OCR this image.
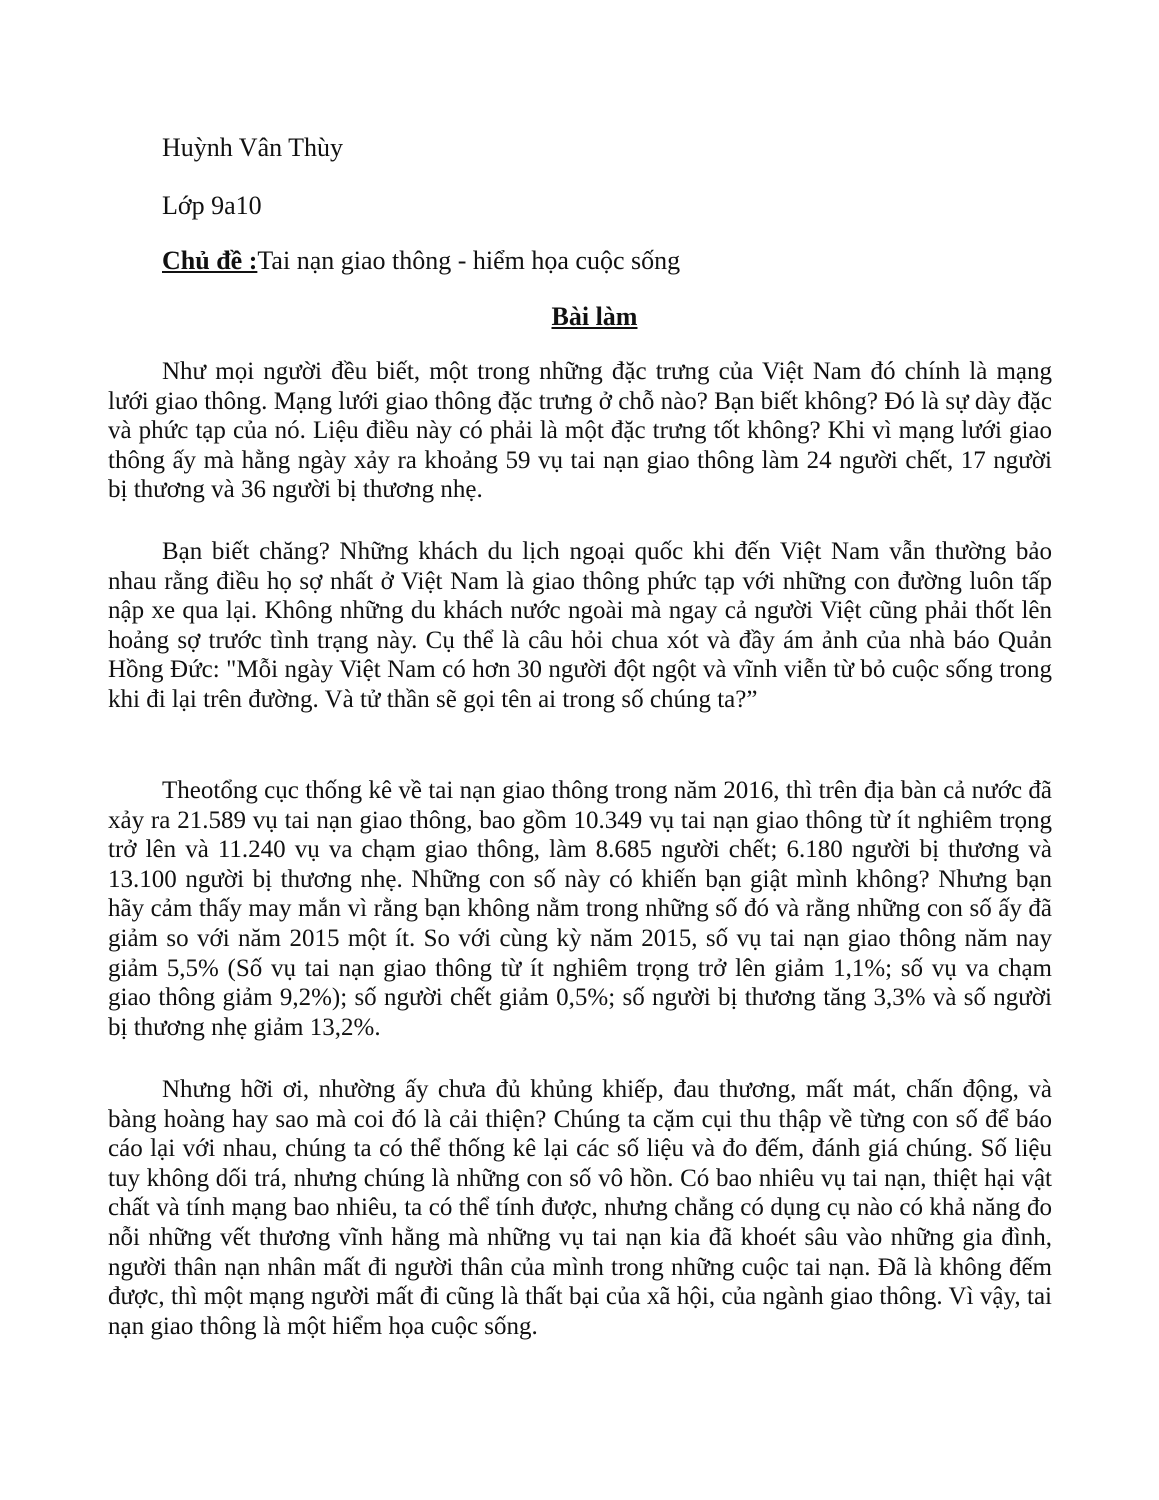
Huỳnh Vân Thùy
Lớp 9a10
Chủ đề :Tai nạn giao thông - hiểm họa cuộc sống
Bài làm

Như mọi người đều biết, một trong những đặc trưng của Việt Nam đó chính là mạng lưới giao thông. Mạng lưới giao thông đặc trưng ở chỗ nào? Bạn biết không? Đó là sự dày đặc và phức tạp của nó. Liệu điều này có phải là một đặc trưng tốt không? Khi vì mạng lưới giao thông ấy mà hằng ngày xảy ra khoảng 59 vụ tai nạn giao thông làm 24 người chết, 17 người bị thương và 36 người bị thương nhẹ.

Bạn biết chăng? Những khách du lịch ngoại quốc khi đến Việt Nam vẫn thường bảo nhau rằng điều họ sợ nhất ở Việt Nam là giao thông phức tạp với những con đường luôn tấp nập xe qua lại. Không những du khách nước ngoài mà ngay cả người Việt cũng phải thốt lên hoảng sợ trước tình trạng này. Cụ thể là câu hỏi chua xót và đầy ám ảnh của nhà báo Quản Hồng Đức: "Mỗi ngày Việt Nam có hơn 30 người đột ngột và vĩnh viễn từ bỏ cuộc sống trong khi đi lại trên đường. Và tử thần sẽ gọi tên ai trong số chúng ta?”

Theotổng cục thống kê về tai nạn giao thông trong năm 2016, thì trên địa bàn cả nước đã xảy ra 21.589 vụ tai nạn giao thông, bao gồm 10.349 vụ tai nạn giao thông từ ít nghiêm trọng trở lên và 11.240 vụ va chạm giao thông, làm 8.685 người chết; 6.180 người bị thương và 13.100 người bị thương nhẹ. Những con số này có khiến bạn giật mình không? Nhưng bạn hãy cảm thấy may mắn vì rằng bạn không nằm trong những số đó và rằng những con số ấy đã giảm so với năm 2015 một ít. So với cùng kỳ năm 2015, số vụ tai nạn giao thông năm nay giảm 5,5% (Số vụ tai nạn giao thông từ ít nghiêm trọng trở lên giảm 1,1%; số vụ va chạm giao thông giảm 9,2%); số người chết giảm 0,5%; số người bị thương tăng 3,3% và số người bị thương nhẹ giảm 13,2%.

Nhưng hỡi ơi, nhường ấy chưa đủ khủng khiếp, đau thương, mất mát, chấn động, và bàng hoàng hay sao mà coi đó là cải thiện? Chúng ta cặm cụi thu thập về từng con số để báo cáo lại với nhau, chúng ta có thể thống kê lại các số liệu và đo đếm, đánh giá chúng. Số liệu tuy không dối trá, nhưng chúng là những con số vô hồn. Có bao nhiêu vụ tai nạn, thiệt hại vật chất và tính mạng bao nhiêu, ta có thể tính được, nhưng chẳng có dụng cụ nào có khả năng đo nỗi những vết thương vĩnh hằng mà những vụ tai nạn kia đã khoét sâu vào những gia đình, người thân nạn nhân mất đi người thân của mình trong những cuộc tai nạn. Đã là không đếm được, thì một mạng người mất đi cũng là thất bại của xã hội, của ngành giao thông. Vì vậy, tai nạn giao thông là một hiểm họa cuộc sống.
